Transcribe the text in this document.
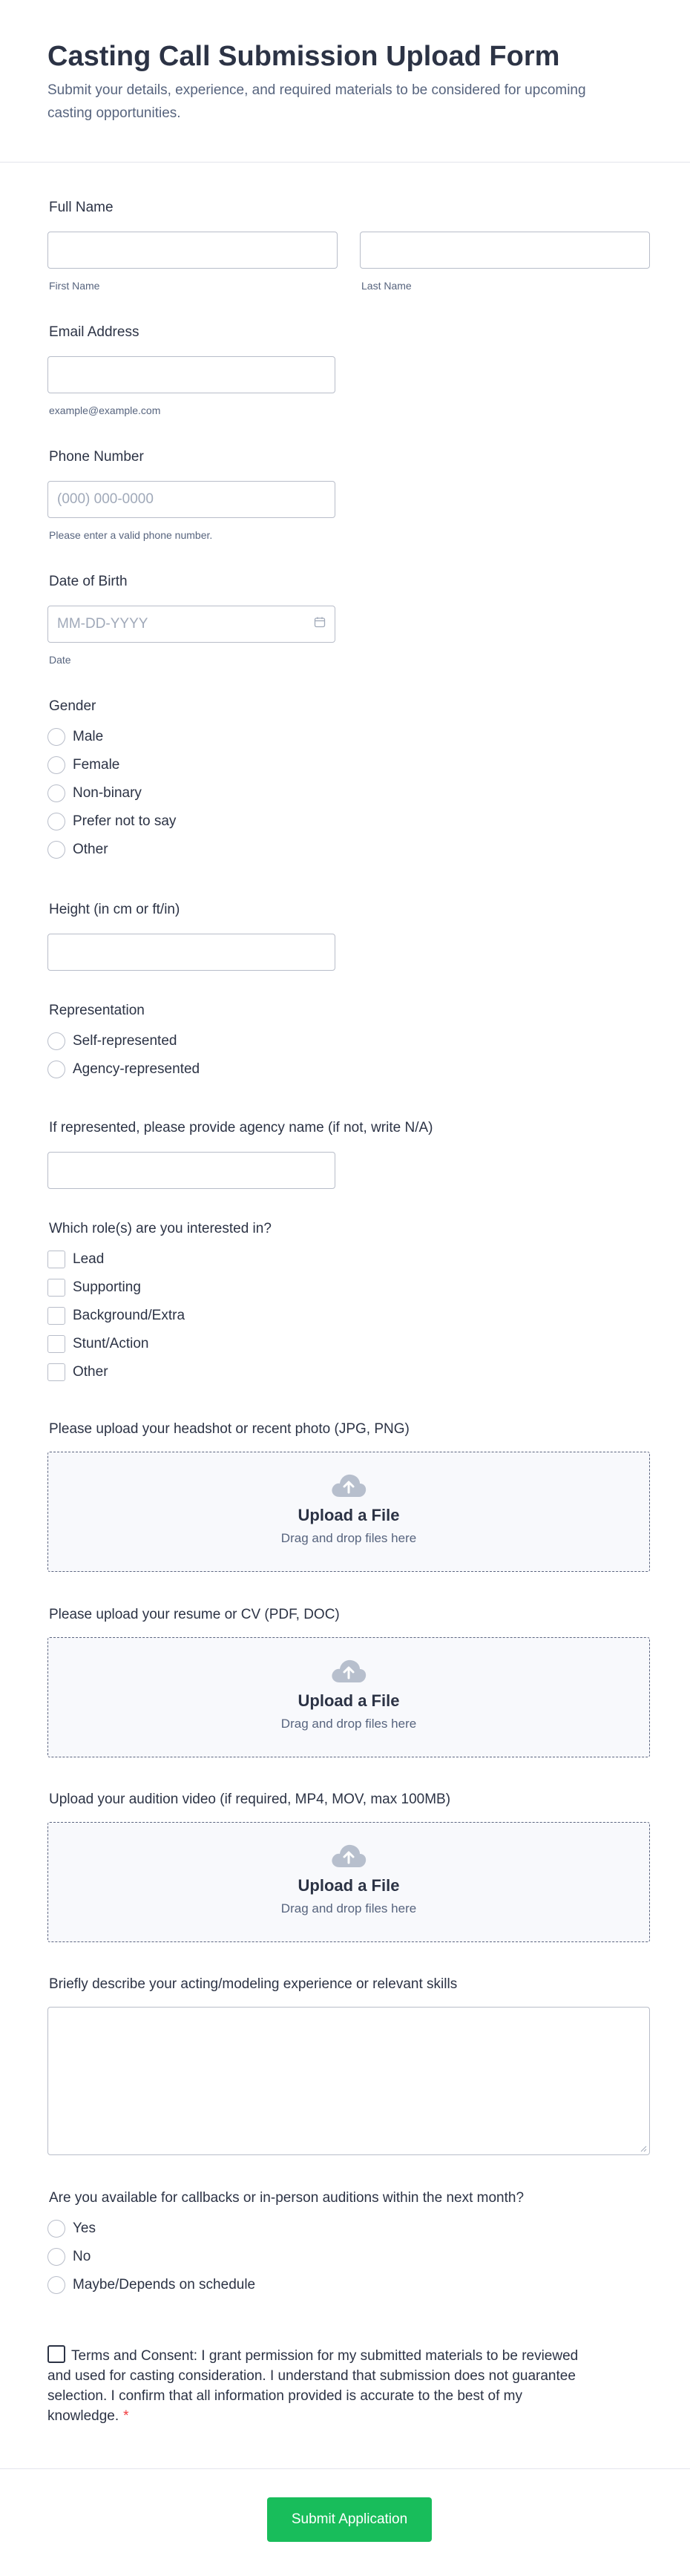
Casting Call Submission Upload Form

Submit your details, experience, and required materials to be considered for upcoming casting opportunities.

Full Name
First Name	Last Name
Email Address
example@example.com
Phone Number
(000) 000-0000
Please enter a valid phone number.
Date of Birth
MM-DD-YYYY
Date
Gender
Male
Female
Non-binary
Prefer not to say
Other
Height (in cm or ft/in)
Representation
Self-represented
Agency-represented
If represented, please provide agency name (if not, write N/A)
Which role(s) are you interested in?
Lead
Supporting
Background/Extra
Stunt/Action
Other
Please upload your headshot or recent photo (JPG, PNG)
Upload a File
Drag and drop files here
Please upload your resume or CV (PDF, DOC)
Upload a File
Drag and drop files here
Upload your audition video (if required, MP4, MOV, max 100MB)
Upload a File
Drag and drop files here
Briefly describe your acting/modeling experience or relevant skills
Are you available for callbacks or in-person auditions within the next month?
Yes
No
Maybe/Depends on schedule
Terms and Consent: I grant permission for my submitted materials to be reviewed and used for casting consideration. I understand that submission does not guarantee selection. I confirm that all information provided is accurate to the best of my knowledge. *
Submit Application
